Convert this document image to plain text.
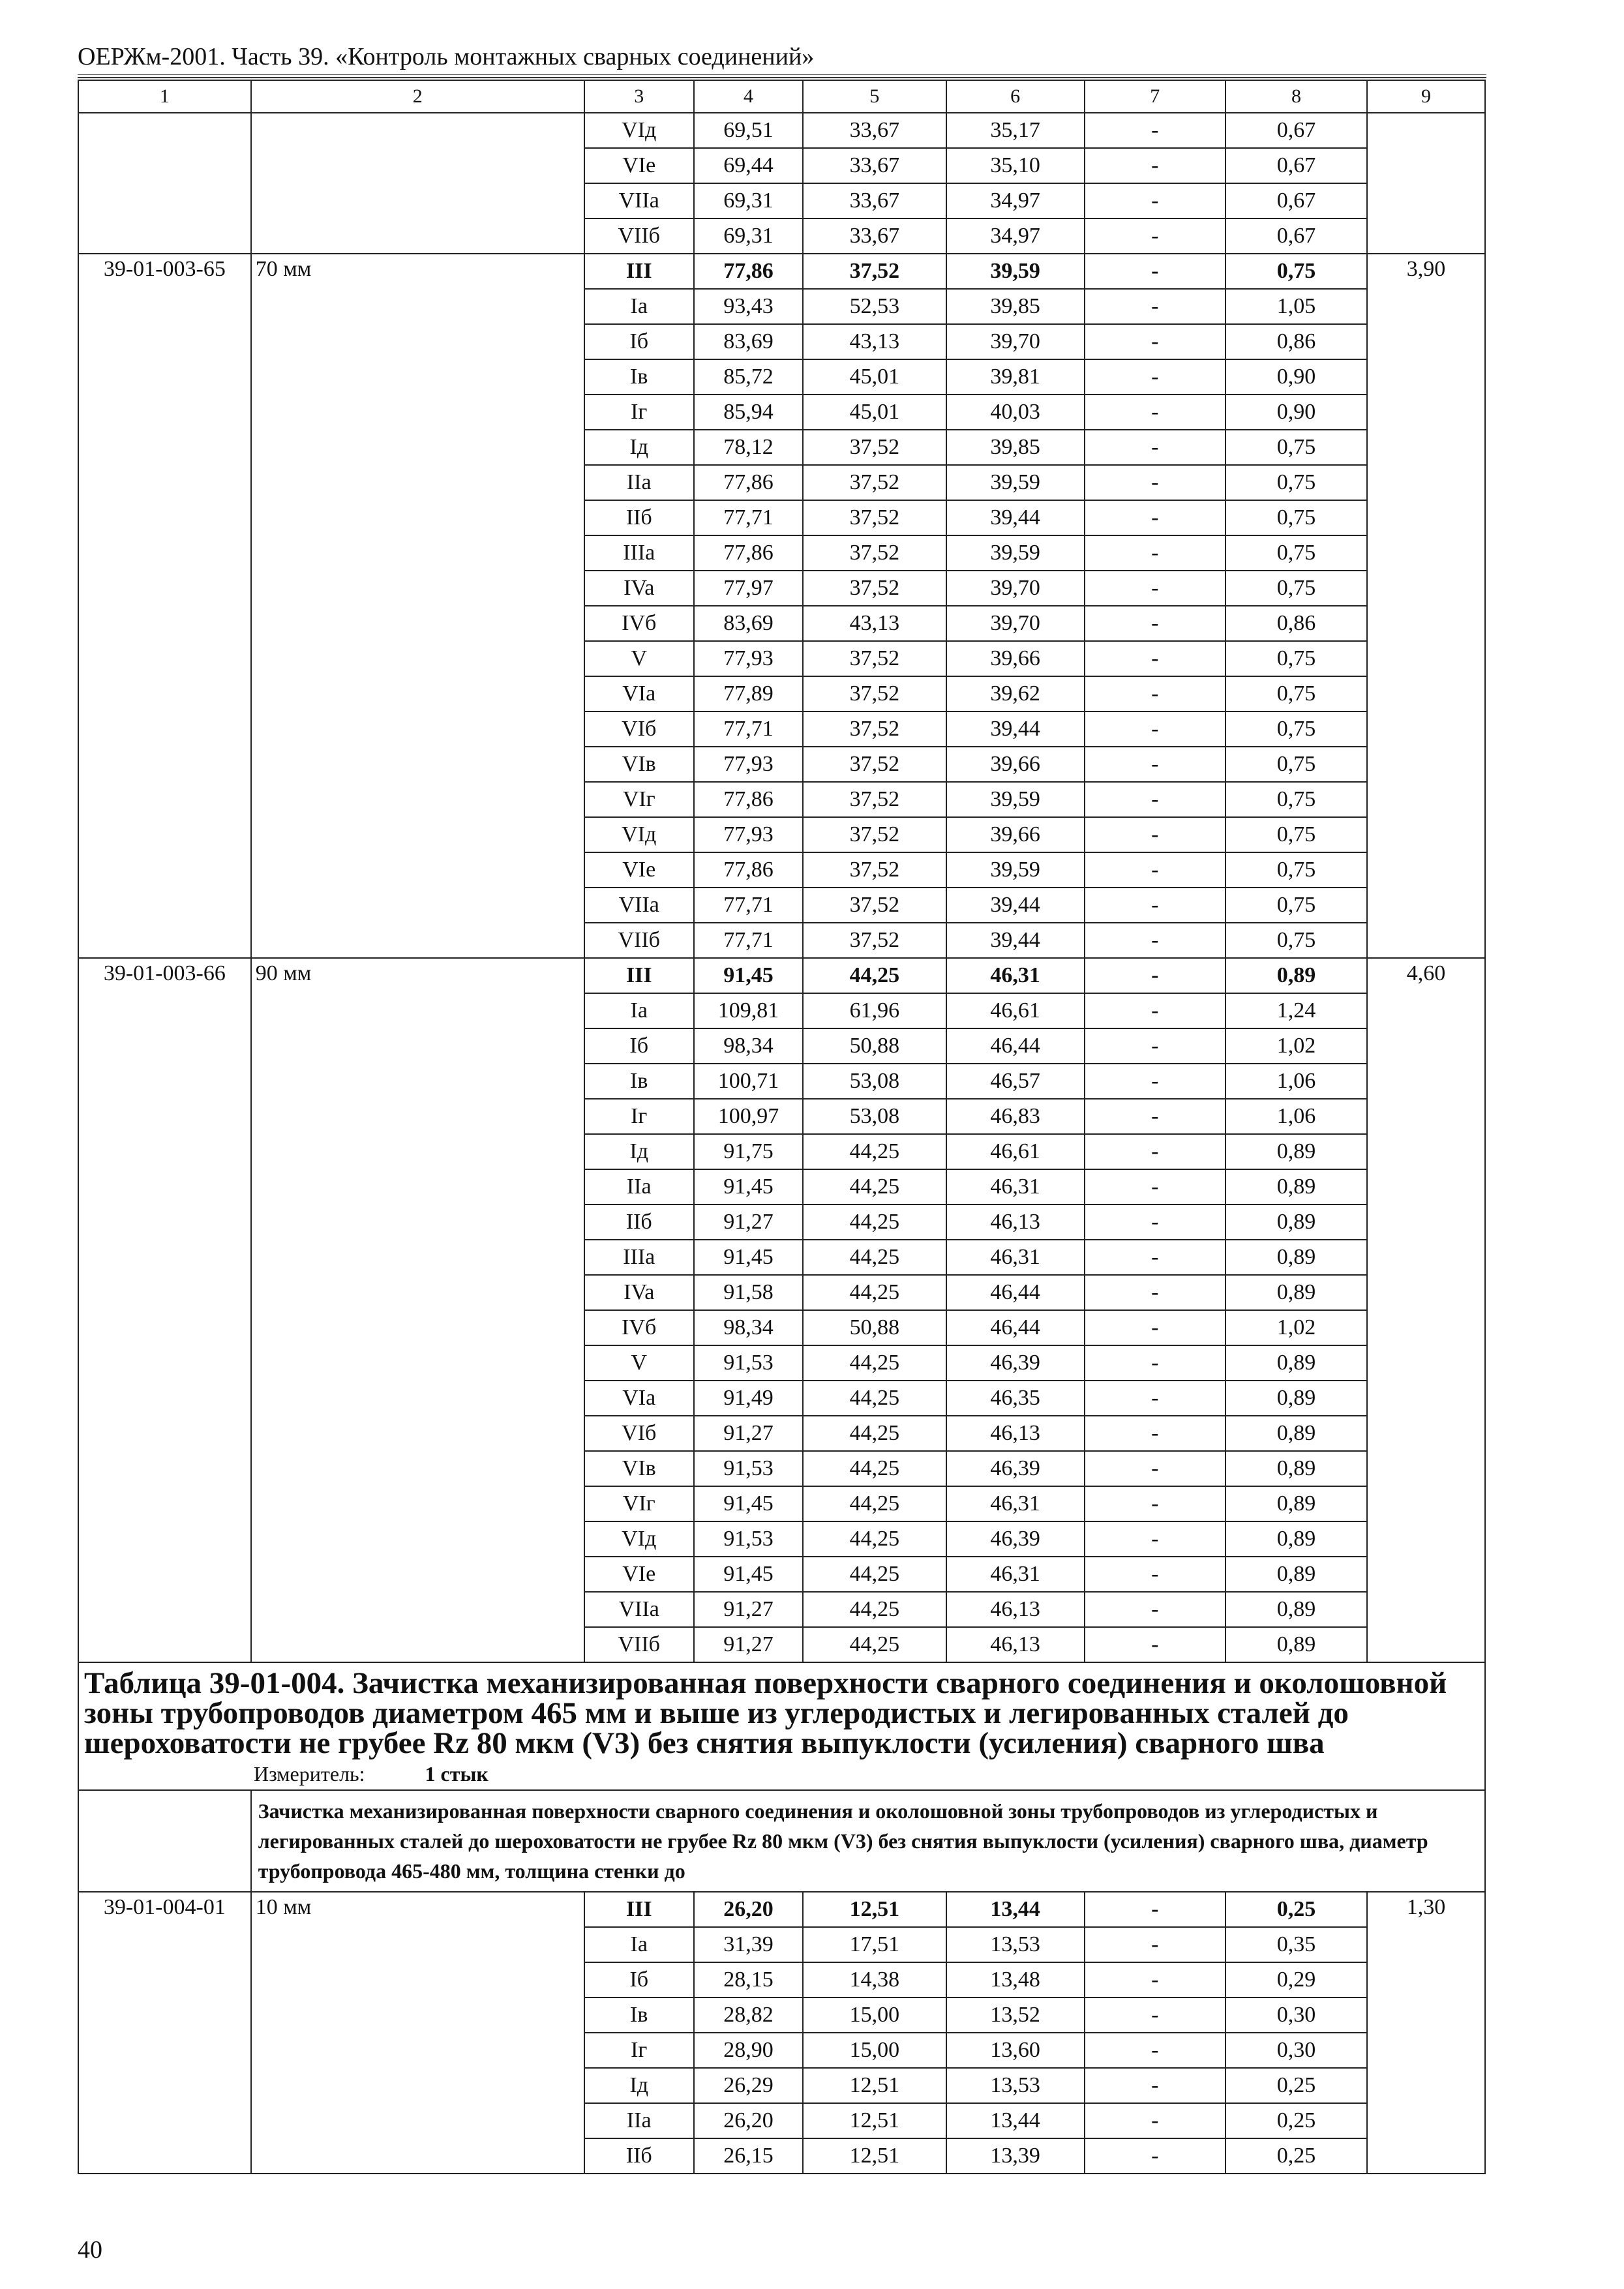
ОЕРЖм-2001. Часть 39. «Контроль монтажных сварных соединений»
1	2	3	4	5	6	7	8	9
		VIд	69,51	33,67	35,17	-	0,67	
		VIe	69,44	33,67	35,10	-	0,67	
		VIIa	69,31	33,67	34,97	-	0,67	
		VIIб	69,31	33,67	34,97	-	0,67	
39-01-003-65	70 мм	III	77,86	37,52	39,59	-	0,75	3,90
		Ia	93,43	52,53	39,85	-	1,05	
		Iб	83,69	43,13	39,70	-	0,86	
		Iв	85,72	45,01	39,81	-	0,90	
		Iг	85,94	45,01	40,03	-	0,90	
		Iд	78,12	37,52	39,85	-	0,75	
		IIa	77,86	37,52	39,59	-	0,75	
		IIб	77,71	37,52	39,44	-	0,75	
		IIIa	77,86	37,52	39,59	-	0,75	
		IVa	77,97	37,52	39,70	-	0,75	
		IVб	83,69	43,13	39,70	-	0,86	
		V	77,93	37,52	39,66	-	0,75	
		VIa	77,89	37,52	39,62	-	0,75	
		VIб	77,71	37,52	39,44	-	0,75	
		VIв	77,93	37,52	39,66	-	0,75	
		VIг	77,86	37,52	39,59	-	0,75	
		VIд	77,93	37,52	39,66	-	0,75	
		VIe	77,86	37,52	39,59	-	0,75	
		VIIa	77,71	37,52	39,44	-	0,75	
		VIIб	77,71	37,52	39,44	-	0,75	
39-01-003-66	90 мм	III	91,45	44,25	46,31	-	0,89	4,60
		Ia	109,81	61,96	46,61	-	1,24	
		Iб	98,34	50,88	46,44	-	1,02	
		Iв	100,71	53,08	46,57	-	1,06	
		Iг	100,97	53,08	46,83	-	1,06	
		Iд	91,75	44,25	46,61	-	0,89	
		IIa	91,45	44,25	46,31	-	0,89	
		IIб	91,27	44,25	46,13	-	0,89	
		IIIa	91,45	44,25	46,31	-	0,89	
		IVa	91,58	44,25	46,44	-	0,89	
		IVб	98,34	50,88	46,44	-	1,02	
		V	91,53	44,25	46,39	-	0,89	
		VIa	91,49	44,25	46,35	-	0,89	
		VIб	91,27	44,25	46,13	-	0,89	
		VIв	91,53	44,25	46,39	-	0,89	
		VIг	91,45	44,25	46,31	-	0,89	
		VIд	91,53	44,25	46,39	-	0,89	
		VIe	91,45	44,25	46,31	-	0,89	
		VIIa	91,27	44,25	46,13	-	0,89	
		VIIб	91,27	44,25	46,13	-	0,89	

Таблица 39-01-004. Зачистка механизированная поверхности сварного соединения и околошовной зоны трубопроводов диаметром 465 мм и выше из углеродистых и легированных сталей до шероховатости не грубее Rz 80 мкм (V3) без снятия выпуклости (усиления) сварного шва
Измеритель: 1 стык								

	Зачистка механизированная поверхности сварного соединения и околошовной зоны трубопроводов из углеродистых и легированных сталей до шероховатости не грубее Rz 80 мкм (V3) без снятия выпуклости (усиления) сварного шва, диаметр трубопровода 465-480 мм, толщина стенки до							
39-01-004-01	10 мм	III	26,20	12,51	13,44	-	0,25	1,30
		Ia	31,39	17,51	13,53	-	0,35	
		Iб	28,15	14,38	13,48	-	0,29	
		Iв	28,82	15,00	13,52	-	0,30	
		Iг	28,90	15,00	13,60	-	0,30	
		Iд	26,29	12,51	13,53	-	0,25	
		IIa	26,20	12,51	13,44	-	0,25	
		IIб	26,15	12,51	13,39	-	0,25	
40
